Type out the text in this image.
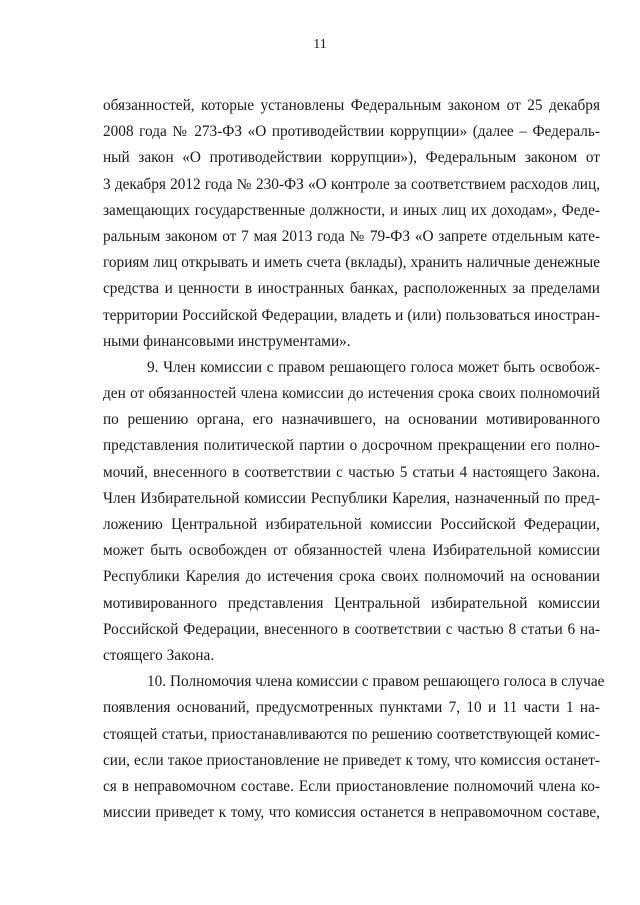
11
обязанностей, которые установлены Федеральным законом от 25 декабря
2008 года № 273-ФЗ «О противодействии коррупции» (далее – Федераль-
ный закон «О противодействии коррупции»), Федеральным законом от
3 декабря 2012 года № 230-ФЗ «О контроле за соответствием расходов лиц,
замещающих государственные должности, и иных лиц их доходам», Феде-
ральным законом от 7 мая 2013 года № 79-ФЗ «О запрете отдельным кате-
гориям лиц открывать и иметь счета (вклады), хранить наличные денежные
средства и ценности в иностранных банках, расположенных за пределами
территории Российской Федерации, владеть и (или) пользоваться иностран-
ными финансовыми инструментами».
9. Член комиссии с правом решающего голоса может быть освобож-
ден от обязанностей члена комиссии до истечения срока своих полномочий
по решению органа, его назначившего, на основании мотивированного
представления политической партии о досрочном прекращении его полно-
мочий, внесенного в соответствии с частью 5 статьи 4 настоящего Закона.
Член Избирательной комиссии Республики Карелия, назначенный по пред-
ложению Центральной избирательной комиссии Российской Федерации,
может быть освобожден от обязанностей члена Избирательной комиссии
Республики Карелия до истечения срока своих полномочий на основании
мотивированного представления Центральной избирательной комиссии
Российской Федерации, внесенного в соответствии с частью 8 статьи 6 на-
стоящего Закона.
10. Полномочия члена комиссии с правом решающего голоса в случае
появления оснований, предусмотренных пунктами 7, 10 и 11 части 1 на-
стоящей статьи, приостанавливаются по решению соответствующей комис-
сии, если такое приостановление не приведет к тому, что комиссия останет-
ся в неправомочном составе. Если приостановление полномочий члена ко-
миссии приведет к тому, что комиссия останется в неправомочном составе,
